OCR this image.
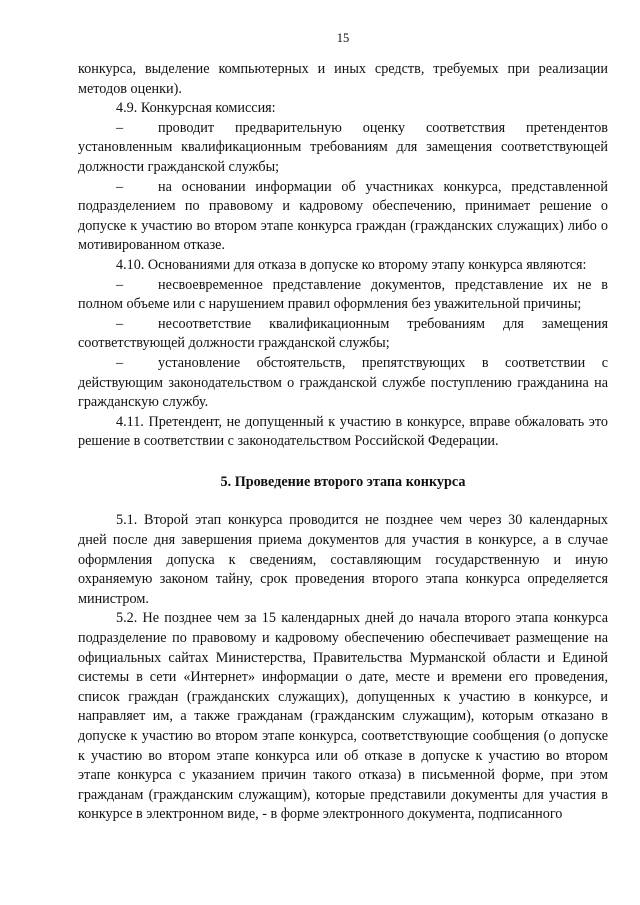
15

конкурса, выделение компьютерных и иных средств, требуемых при реализации методов оценки).

4.9. Конкурсная комиссия:

– проводит предварительную оценку соответствия претендентов установленным квалификационным требованиям для замещения соответствующей должности гражданской службы;

– на основании информации об участниках конкурса, представленной подразделением по правовому и кадровому обеспечению, принимает решение о допуске к участию во втором этапе конкурса граждан (гражданских служащих) либо о мотивированном отказе.

4.10. Основаниями для отказа в допуске ко второму этапу конкурса являются:

– несвоевременное представление документов, представление их не в полном объеме или с нарушением правил оформления без уважительной причины;

– несоответствие квалификационным требованиям для замещения соответствующей должности гражданской службы;

– установление обстоятельств, препятствующих в соответствии с действующим законодательством о гражданской службе поступлению гражданина на гражданскую службу.

4.11. Претендент, не допущенный к участию в конкурсе, вправе обжаловать это решение в соответствии с законодательством Российской Федерации.

5. Проведение второго этапа конкурса

5.1. Второй этап конкурса проводится не позднее чем через 30 календарных дней после дня завершения приема документов для участия в конкурсе, а в случае оформления допуска к сведениям, составляющим государственную и иную охраняемую законом тайну, срок проведения второго этапа конкурса определяется министром.

5.2. Не позднее чем за 15 календарных дней до начала второго этапа конкурса подразделение по правовому и кадровому обеспечению обеспечивает размещение на официальных сайтах Министерства, Правительства Мурманской области и Единой системы в сети «Интернет» информации о дате, месте и времени его проведения, список граждан (гражданских служащих), допущенных к участию в конкурсе, и направляет им, а также гражданам (гражданским служащим), которым отказано в допуске к участию во втором этапе конкурса, соответствующие сообщения (о допуске к участию во втором этапе конкурса или об отказе в допуске к участию во втором этапе конкурса с указанием причин такого отказа) в письменной форме, при этом гражданам (гражданским служащим), которые представили документы для участия в конкурсе в электронном виде, - в форме электронного документа, подписанного
